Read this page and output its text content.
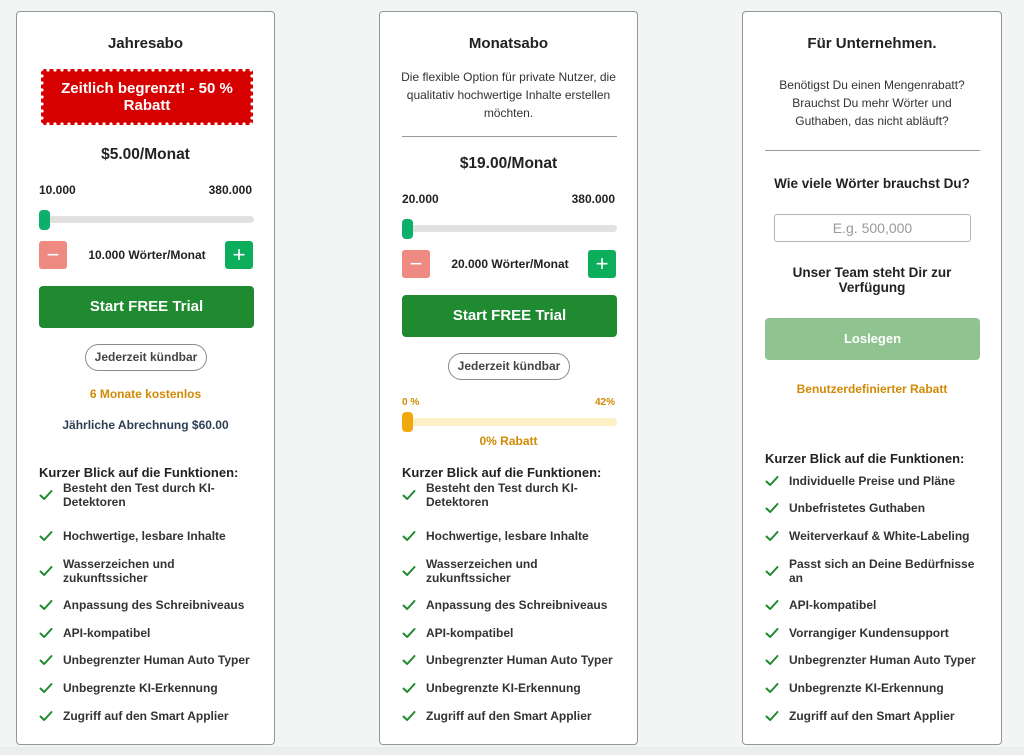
Jahresabo
Zeitlich begrenzt! - 50 % Rabatt
$5.00/Monat
10.000	380.000
−	10.000 Wörter/Monat	+
Start FREE Trial
Jederzeit kündbar
6 Monate kostenlos
Jährliche Abrechnung $60.00
Kurzer Blick auf die Funktionen:
Besteht den Test durch KI-Detektoren
Hochwertige, lesbare Inhalte
Wasserzeichen und zukunftssicher
Anpassung des Schreibniveaus
API-kompatibel
Unbegrenzter Human Auto Typer
Unbegrenzte KI-Erkennung
Zugriff auf den Smart Applier
Monatsabo
Die flexible Option für private Nutzer, die qualitativ hochwertige Inhalte erstellen möchten.
$19.00/Monat
20.000	380.000
−	20.000 Wörter/Monat	+
Start FREE Trial
Jederzeit kündbar
0 %	42%
0% Rabatt
Kurzer Blick auf die Funktionen:
Besteht den Test durch KI-Detektoren
Hochwertige, lesbare Inhalte
Wasserzeichen und zukunftssicher
Anpassung des Schreibniveaus
API-kompatibel
Unbegrenzter Human Auto Typer
Unbegrenzte KI-Erkennung
Zugriff auf den Smart Applier
Für Unternehmen.
Benötigst Du einen Mengenrabatt? Brauchst Du mehr Wörter und Guthaben, das nicht abläuft?
Wie viele Wörter brauchst Du?
E.g. 500,000
Unser Team steht Dir zur Verfügung
Loslegen
Benutzerdefinierter Rabatt
Kurzer Blick auf die Funktionen:
Individuelle Preise und Pläne
Unbefristetes Guthaben
Weiterverkauf & White-Labeling
Passt sich an Deine Bedürfnisse an
API-kompatibel
Vorrangiger Kundensupport
Unbegrenzter Human Auto Typer
Unbegrenzte KI-Erkennung
Zugriff auf den Smart Applier
